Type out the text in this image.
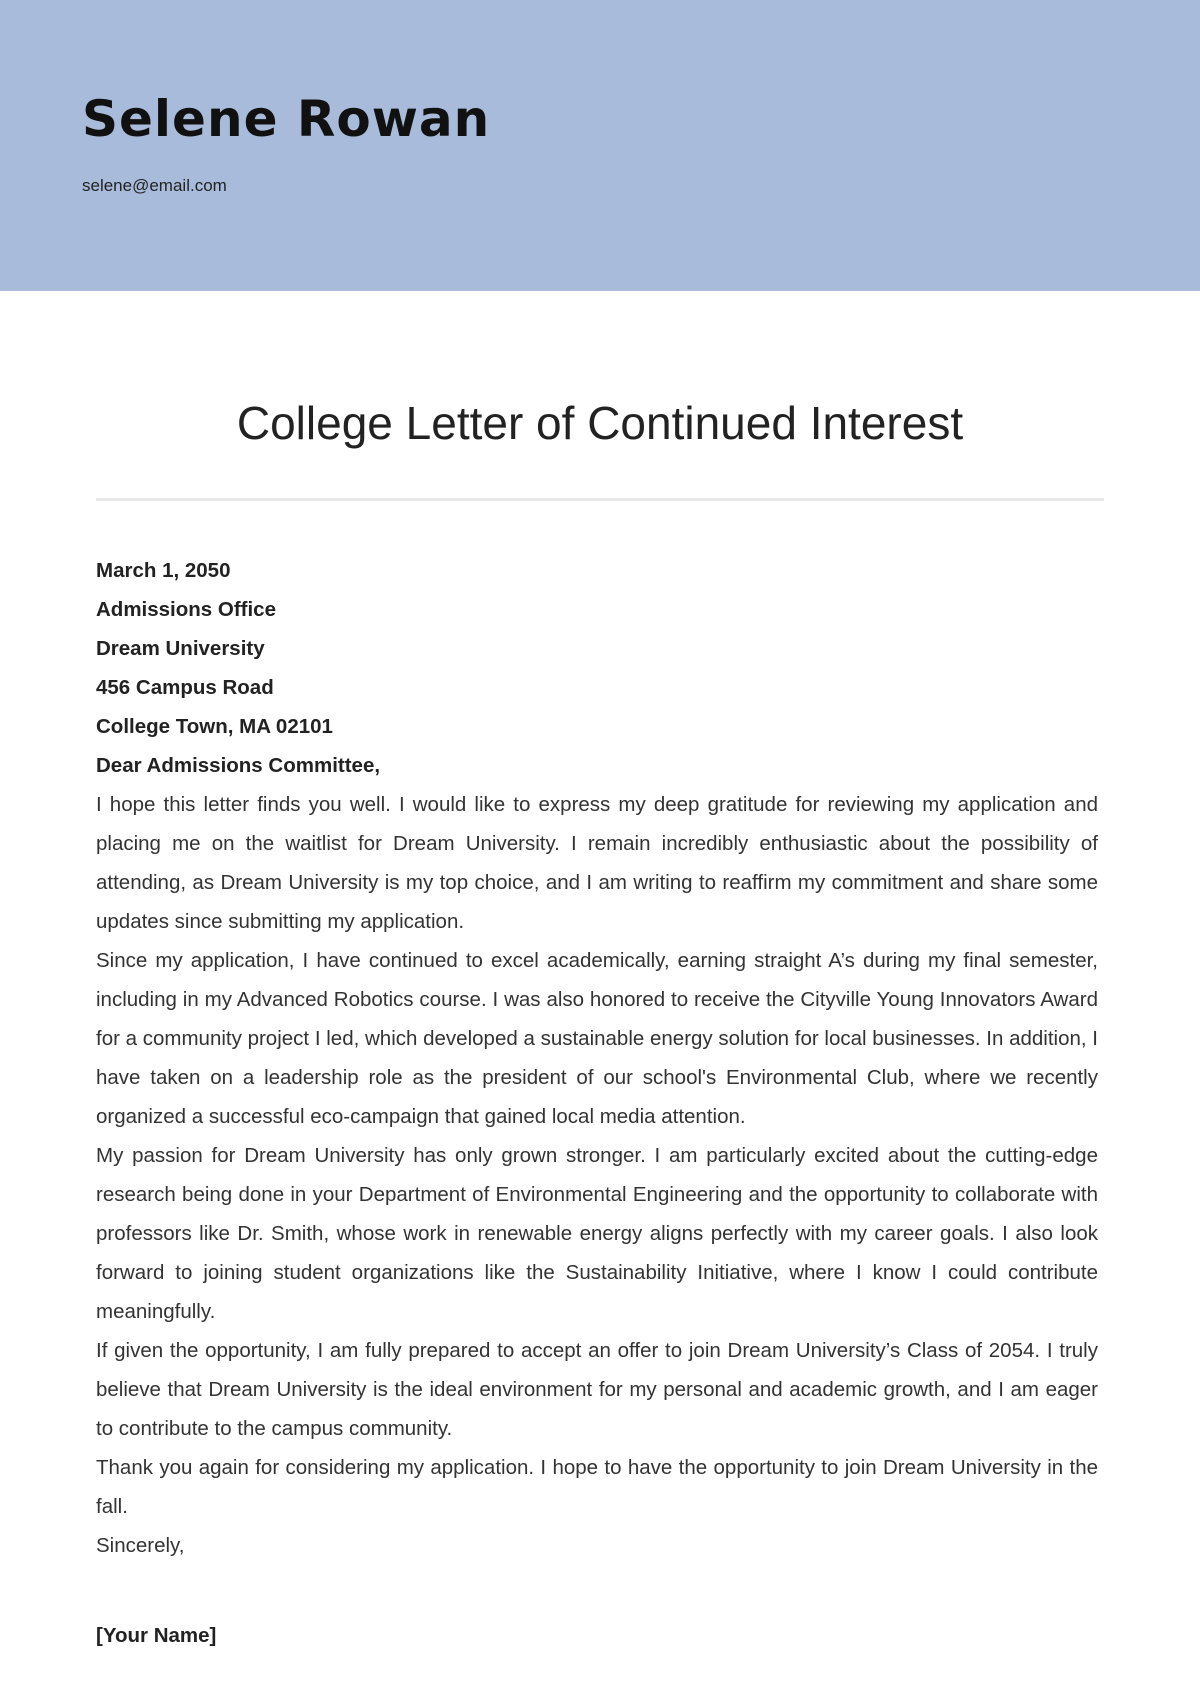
Selene Rowan
selene@email.com
College Letter of Continued Interest
March 1, 2050
Admissions Office
Dream University
456 Campus Road
College Town, MA 02101
Dear Admissions Committee,

I hope this letter finds you well. I would like to express my deep gratitude for reviewing my application and placing me on the waitlist for Dream University. I remain incredibly enthusiastic about the possibility of attending, as Dream University is my top choice, and I am writing to reaffirm my commitment and share some updates since submitting my application.

Since my application, I have continued to excel academically, earning straight A’s during my final semester, including in my Advanced Robotics course. I was also honored to receive the Cityville Young Innovators Award for a community project I led, which developed a sustainable energy solution for local businesses. In addition, I have taken on a leadership role as the president of our school's Environmental Club, where we recently organized a successful eco-campaign that gained local media attention.

My passion for Dream University has only grown stronger. I am particularly excited about the cutting-edge research being done in your Department of Environmental Engineering and the opportunity to collaborate with professors like Dr. Smith, whose work in renewable energy aligns perfectly with my career goals. I also look forward to joining student organizations like the Sustainability Initiative, where I know I could contribute meaningfully.

If given the opportunity, I am fully prepared to accept an offer to join Dream University’s Class of 2054. I truly believe that Dream University is the ideal environment for my personal and academic growth, and I am eager to contribute to the campus community.

Thank you again for considering my application. I hope to have the opportunity to join Dream University in the fall.

Sincerely,
[Your Name]
